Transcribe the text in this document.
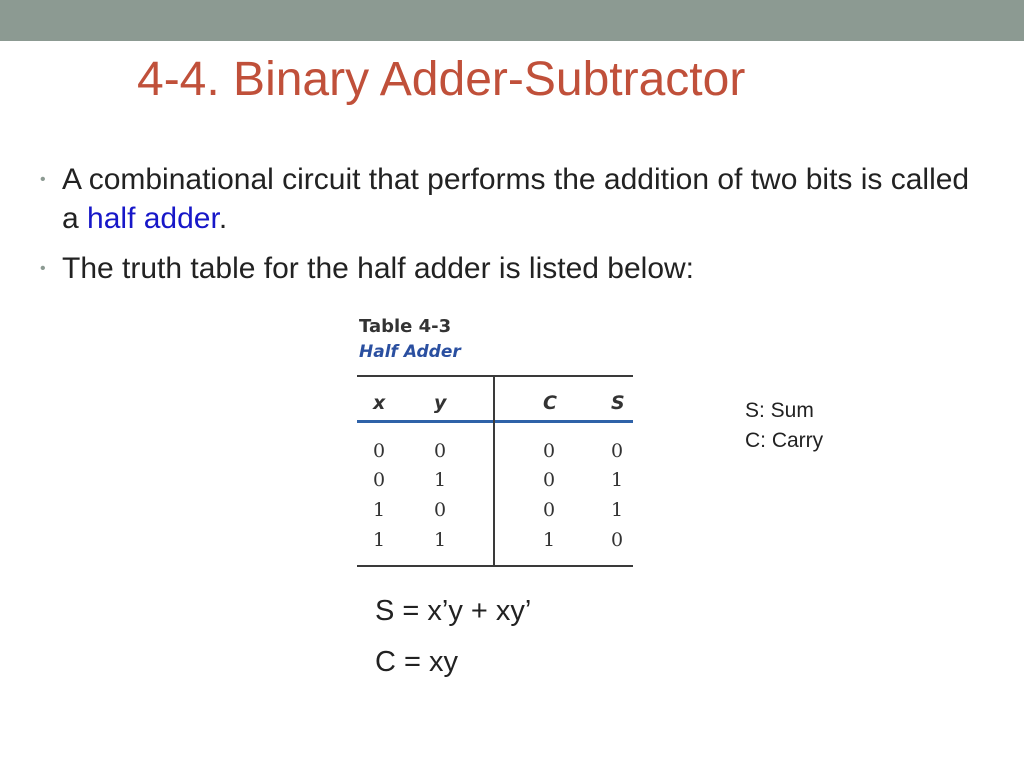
4-4. Binary Adder-Subtractor
• A combinational circuit that performs the addition of two bits is called a half adder.
• The truth table for the half adder is listed below:
Table 4-3
Half Adder
x	y	C	S
0	0	0	0
0	1	0	1
1	0	0	1
1	1	1	0
S: Sum
C: Carry
S = x’y + xy’
C = xy
